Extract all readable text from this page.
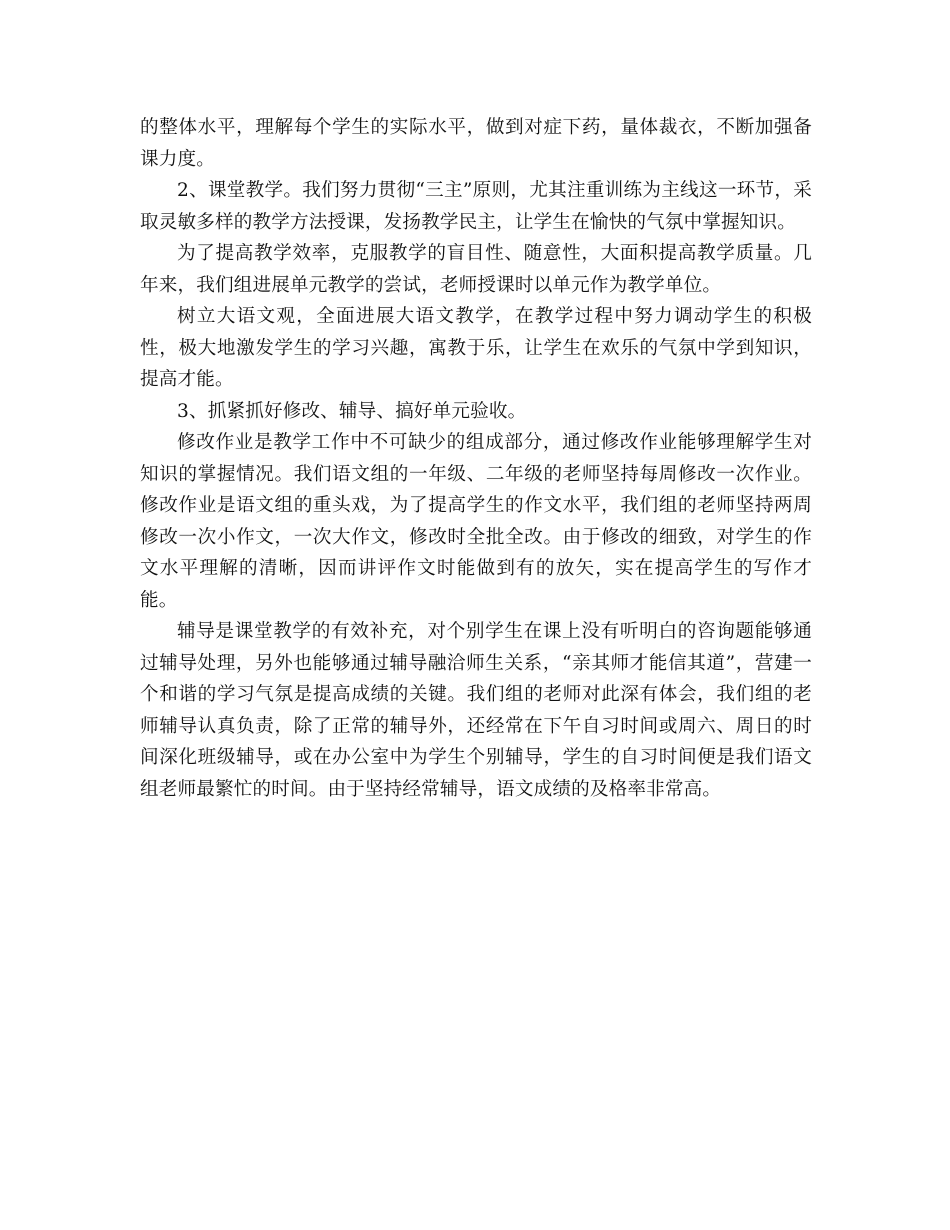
的整体水平，理解每个学生的实际水平，做到对症下药，量体裁衣，不断加强备课力度。

2、课堂教学。我们努力贯彻“三主”原则，尤其注重训练为主线这一环节，采取灵敏多样的教学方法授课，发扬教学民主，让学生在愉快的气氛中掌握知识。

为了提高教学效率，克服教学的盲目性、随意性，大面积提高教学质量。几年来，我们组进展单元教学的尝试，老师授课时以单元作为教学单位。

树立大语文观，全面进展大语文教学，在教学过程中努力调动学生的积极性，极大地激发学生的学习兴趣，寓教于乐，让学生在欢乐的气氛中学到知识，提高才能。

3、抓紧抓好修改、辅导、搞好单元验收。

修改作业是教学工作中不可缺少的组成部分，通过修改作业能够理解学生对知识的掌握情况。我们语文组的一年级、二年级的老师坚持每周修改一次作业。修改作业是语文组的重头戏，为了提高学生的作文水平，我们组的老师坚持两周修改一次小作文，一次大作文，修改时全批全改。由于修改的细致，对学生的作文水平理解的清晰，因而讲评作文时能做到有的放矢，实在提高学生的写作才能。

辅导是课堂教学的有效补充，对个别学生在课上没有听明白的咨询题能够通过辅导处理，另外也能够通过辅导融洽师生关系，“亲其师才能信其道”，营建一个和谐的学习气氛是提高成绩的关键。我们组的老师对此深有体会，我们组的老师辅导认真负责，除了正常的辅导外，还经常在下午自习时间或周六、周日的时间深化班级辅导，或在办公室中为学生个别辅导，学生的自习时间便是我们语文组老师最繁忙的时间。由于坚持经常辅导，语文成绩的及格率非常高。
